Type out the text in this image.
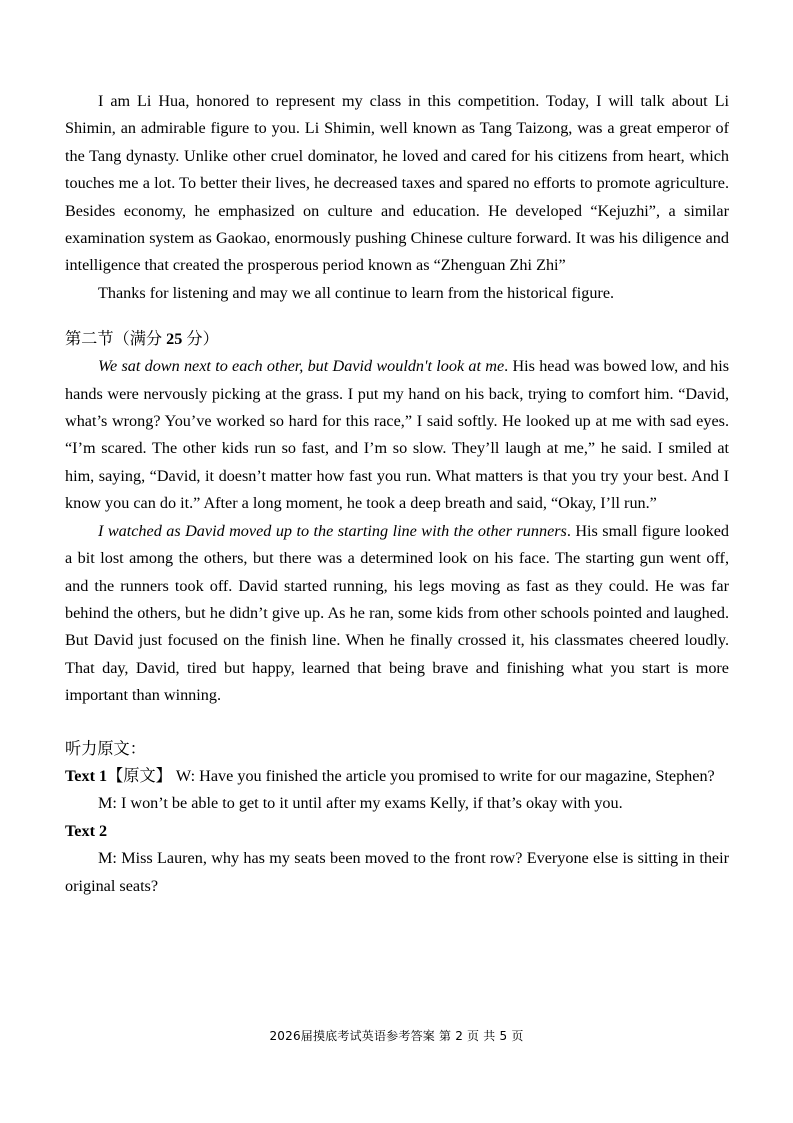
I am Li Hua, honored to represent my class in this competition. Today, I will talk about Li Shimin, an admirable figure to you. Li Shimin, well known as Tang Taizong, was a great emperor of the Tang dynasty. Unlike other cruel dominator, he loved and cared for his citizens from heart, which touches me a lot. To better their lives, he decreased taxes and spared no efforts to promote agriculture. Besides economy, he emphasized on culture and education. He developed “Kejuzhi”, a similar examination system as Gaokao, enormously pushing Chinese culture forward. It was his diligence and intelligence that created the prosperous period known as “Zhenguan Zhi Zhi”

Thanks for listening and may we all continue to learn from the historical figure.

第二节（满分 25 分）

We sat down next to each other, but David wouldn't look at me. His head was bowed low, and his hands were nervously picking at the grass. I put my hand on his back, trying to comfort him. “David, what’s wrong? You’ve worked so hard for this race,” I said softly. He looked up at me with sad eyes. “I’m scared. The other kids run so fast, and I’m so slow. They’ll laugh at me,” he said. I smiled at him, saying, “David, it doesn’t matter how fast you run. What matters is that you try your best. And I know you can do it.” After a long moment, he took a deep breath and said, “Okay, I’ll run.”

I watched as David moved up to the starting line with the other runners. His small figure looked a bit lost among the others, but there was a determined look on his face. The starting gun went off, and the runners took off. David started running, his legs moving as fast as they could. He was far behind the others, but he didn’t give up. As he ran, some kids from other schools pointed and laughed. But David just focused on the finish line. When he finally crossed it, his classmates cheered loudly. That day, David, tired but happy, learned that being brave and finishing what you start is more important than winning.

听力原文：

Text 1【原文】 W: Have you finished the article you promised to write for our magazine, Stephen?

M: I won’t be able to get to it until after my exams Kelly, if that’s okay with you.

Text 2

M: Miss Lauren, why has my seats been moved to the front row? Everyone else is sitting in their original seats?

2026届摸底考试英语参考答案 第 2 页 共 5 页
